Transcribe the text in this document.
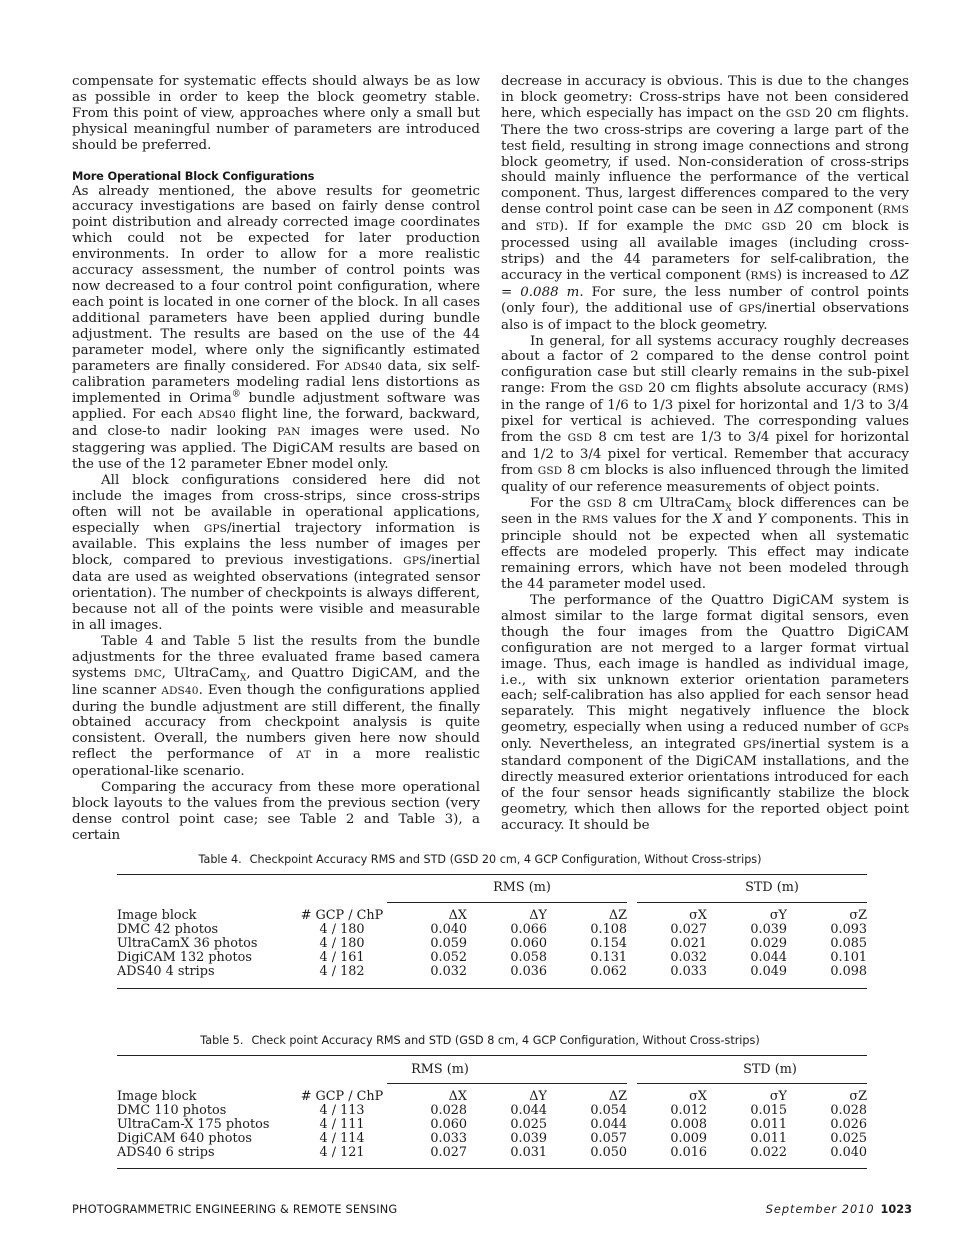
compensate for systematic effects should always be as low as possible in order to keep the block geometry stable. From this point of view, approaches where only a small but physical meaningful number of parameters are introduced should be preferred.

More Operational Block Configurations

As already mentioned, the above results for geometric accuracy investigations are based on fairly dense control point distribution and already corrected image coordinates which could not be expected for later production environments. In order to allow for a more realistic accuracy assessment, the number of control points was now decreased to a four control point configuration, where each point is located in one corner of the block. In all cases additional parameters have been applied during bundle adjustment. The results are based on the use of the 44 parameter model, where only the significantly estimated parameters are finally considered. For ADS40 data, six self-calibration parameters modeling radial lens distortions as implemented in Orima® bundle adjustment software was applied. For each ADS40 flight line, the forward, backward, and close-to nadir looking PAN images were used. No staggering was applied. The DigiCAM results are based on the use of the 12 parameter Ebner model only.

All block configurations considered here did not include the images from cross-strips, since cross-strips often will not be available in operational applications, especially when GPS/inertial trajectory information is available. This explains the less number of images per block, compared to previous investigations. GPS/inertial data are used as weighted observations (integrated sensor orientation). The number of checkpoints is always different, because not all of the points were visible and measurable in all images.

Table 4 and Table 5 list the results from the bundle adjustments for the three evaluated frame based camera systems DMC, UltraCam$_X$, and Quattro DigiCAM, and the line scanner ADS40. Even though the configurations applied during the bundle adjustment are still different, the finally obtained accuracy from checkpoint analysis is quite consistent. Overall, the numbers given here now should reflect the performance of AT in a more realistic operational-like scenario.

Comparing the accuracy from these more operational block layouts to the values from the previous section (very dense control point case; see Table 2 and Table 3), a certain

decrease in accuracy is obvious. This is due to the changes in block geometry: Cross-strips have not been considered here, which especially has impact on the GSD 20 cm flights. There the two cross-strips are covering a large part of the test field, resulting in strong image connections and strong block geometry, if used. Non-consideration of cross-strips should mainly influence the performance of the vertical component. Thus, largest differences compared to the very dense control point case can be seen in ΔZ component (RMS and STD). If for example the DMC GSD 20 cm block is processed using all available images (including cross-strips) and the 44 parameters for self-calibration, the accuracy in the vertical component (RMS) is increased to ΔZ = 0.088 m. For sure, the less number of control points (only four), the additional use of GPS/inertial observations also is of impact to the block geometry.

In general, for all systems accuracy roughly decreases about a factor of 2 compared to the dense control point configuration case but still clearly remains in the sub-pixel range: From the GSD 20 cm flights absolute accuracy (RMS) in the range of 1/6 to 1/3 pixel for horizontal and 1/3 to 3/4 pixel for vertical is achieved. The corresponding values from the GSD 8 cm test are 1/3 to 3/4 pixel for horizontal and 1/2 to 3/4 pixel for vertical. Remember that accuracy from GSD 8 cm blocks is also influenced through the limited quality of our reference measurements of object points.

For the GSD 8 cm UltraCam$_X$ block differences can be seen in the RMS values for the X and Y components. This in principle should not be expected when all systematic effects are modeled properly. This effect may indicate remaining errors, which have not been modeled through the 44 parameter model used.

The performance of the Quattro DigiCAM system is almost similar to the large format digital sensors, even though the four images from the Quattro DigiCAM configuration are not merged to a larger format virtual image. Thus, each image is handled as individual image, i.e., with six unknown exterior orientation parameters each; self-calibration has also applied for each sensor head separately. This might negatively influence the block geometry, especially when using a reduced number of GCPs only. Nevertheless, an integrated GPS/inertial system is a standard component of the DigiCAM installations, and the directly measured exterior orientations introduced for each of the four sensor heads significantly stabilize the block geometry, which then allows for the reported object point accuracy. It should be

Table 4. Checkpoint Accuracy RMS and STD (GSD 20 cm, 4 GCP Configuration, Without Cross-strips)
RMS (m)	STD (m)
Image block	# GCP / ChP	ΔX	ΔY	ΔZ	σX	σY	σZ
DMC 42 photos	4 / 180	0.040	0.066	0.108	0.027	0.039	0.093
UltraCamX 36 photos	4 / 180	0.059	0.060	0.154	0.021	0.029	0.085
DigiCAM 132 photos	4 / 161	0.052	0.058	0.131	0.032	0.044	0.101
ADS40 4 strips	4 / 182	0.032	0.036	0.062	0.033	0.049	0.098
Table 5. Check point Accuracy RMS and STD (GSD 8 cm, 4 GCP Configuration, Without Cross-strips)
RMS (m)	STD (m)
Image block	# GCP / ChP	ΔX	ΔY	ΔZ	σX	σY	σZ
DMC 110 photos	4 / 113	0.028	0.044	0.054	0.012	0.015	0.028
UltraCam-X 175 photos	4 / 111	0.060	0.025	0.044	0.008	0.011	0.026
DigiCAM 640 photos	4 / 114	0.033	0.039	0.057	0.009	0.011	0.025
ADS40 6 strips	4 / 121	0.027	0.031	0.050	0.016	0.022	0.040
PHOTOGRAMMETRIC ENGINEERING & REMOTE SENSING	September 2010 1023
